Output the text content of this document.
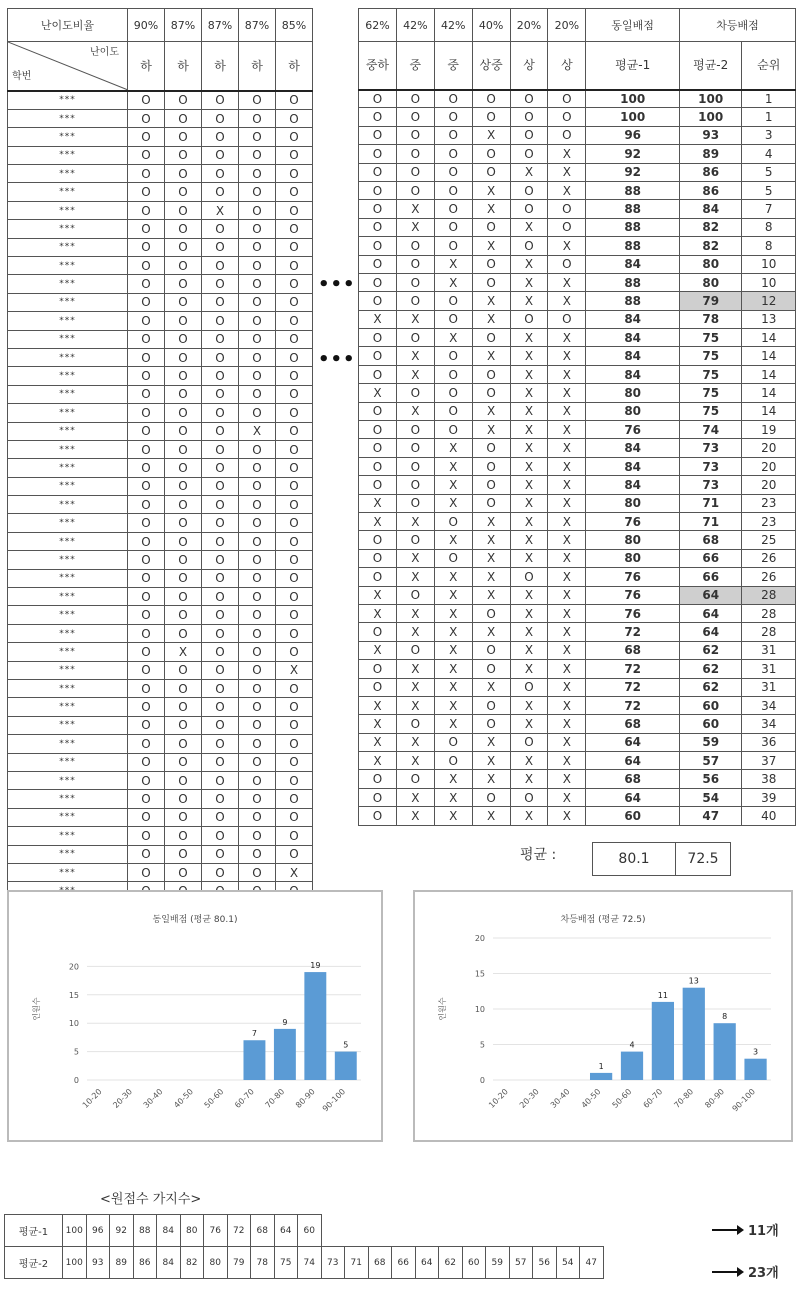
난이도비율	90%	87%	87%	87%	85%

난이도
학번	하	하	하	하	하
***	O	O	O	O	O
***	O	O	O	O	O
***	O	O	O	O	O
***	O	O	O	O	O
***	O	O	O	O	O
***	O	O	O	O	O
***	O	O	X	O	O
***	O	O	O	O	O
***	O	O	O	O	O
***	O	O	O	O	O
***	O	O	O	O	O
***	O	O	O	O	O
***	O	O	O	O	O
***	O	O	O	O	O
***	O	O	O	O	O
***	O	O	O	O	O
***	O	O	O	O	O
***	O	O	O	O	O
***	O	O	O	X	O
***	O	O	O	O	O
***	O	O	O	O	O
***	O	O	O	O	O
***	O	O	O	O	O
***	O	O	O	O	O
***	O	O	O	O	O
***	O	O	O	O	O
***	O	O	O	O	O
***	O	O	O	O	O
***	O	O	O	O	O
***	O	O	O	O	O
***	O	X	O	O	O
***	O	O	O	O	X
***	O	O	O	O	O
***	O	O	O	O	O
***	O	O	O	O	O
***	O	O	O	O	O
***	O	O	O	O	O
***	O	O	O	O	O
***	O	O	O	O	O
***	O	O	O	O	O
***	O	O	O	O	O
***	O	O	O	O	O
***	O	O	O	O	X

•••
•••
62%	42%	42%	40%	20%	20%	동일배점	차등배점	
중하	중	중	상중	상	상	평균-1	평균-2	순위
O	O	O	O	O	O	100	100	1
O	O	O	O	O	O	100	100	1
O	O	O	X	O	O	96	93	3
O	O	O	O	O	X	92	89	4
O	O	O	O	X	X	92	86	5
O	O	O	X	O	X	88	86	5
O	X	O	X	O	O	88	84	7
O	X	O	O	X	O	88	82	8
O	O	O	X	O	X	88	82	8
O	O	X	O	X	O	84	80	10
O	O	X	O	X	X	88	80	10
O	O	O	X	X	X	88	79	12
X	X	O	X	O	O	84	78	13
O	O	X	O	X	X	84	75	14
O	X	O	X	X	X	84	75	14
O	X	O	O	X	X	84	75	14
X	O	O	O	X	X	80	75	14
O	X	O	X	X	X	80	75	14
O	O	O	X	X	X	76	74	19
O	O	X	O	X	X	84	73	20
O	O	X	O	X	X	84	73	20
O	O	X	O	X	X	84	73	20
X	O	X	O	X	X	80	71	23
X	X	O	X	X	X	76	71	23
O	O	X	X	X	X	80	68	25
O	X	O	X	X	X	80	66	26
O	X	X	X	O	X	76	66	26
X	O	X	X	X	X	76	64	28
X	X	X	O	X	X	76	64	28
O	X	X	X	X	X	72	64	28
X	O	X	O	X	X	68	62	31
O	X	X	O	X	X	72	62	31
O	X	X	X	O	X	72	62	31
X	X	X	O	X	X	72	60	34
X	O	X	O	X	X	68	60	34
X	X	O	X	O	X	64	59	36
X	X	O	X	X	X	64	57	37
O	O	X	X	X	X	68	56	38
O	X	X	O	O	X	64	54	39
O	X	X	X	X	X	60	47	40
평균 :	80.1	72.5
동일배점 (평균 80.1)
0
5
10
15
20
인원수
10-20 20-30 30-40 40-50 50-60
7
60-70
9
70-80
19
80-90
5
90-100
차등배점 (평균 72.5)
0
5
10
15
20
인원수
10-20 20-30 30-40
1
40-50
4
50-60
11
60-70
13
70-80
8
80-90
3
90-100
<원점수 가지수>
평균-1	100	96	92	88	84	80	76	72	68	64	60
평균-2	100	93	89	86	84	82	80	79	78	75	74	73	71	68	66	64	62	60	59	57	56	54	47
11개
23개
